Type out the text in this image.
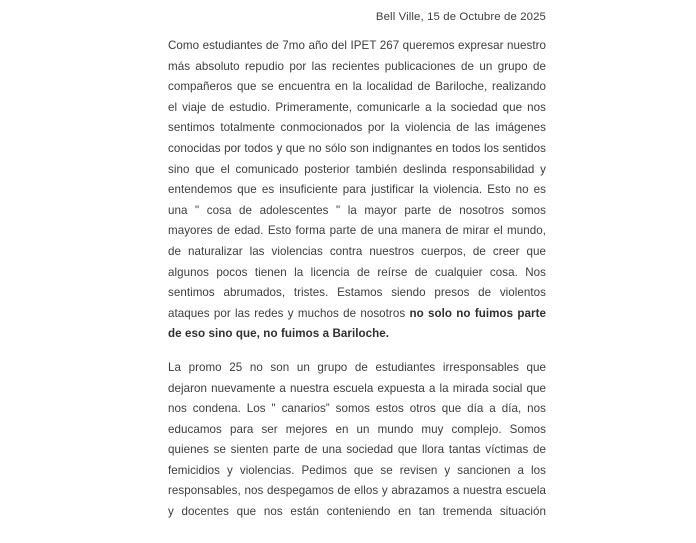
Bell Ville, 15 de Octubre de 2025

Como estudiantes de 7mo año del IPET 267 queremos expresar nuestro más absoluto repudio por las recientes publicaciones de un grupo de compañeros que se encuentra en la localidad de Bariloche, realizando el viaje de estudio. Primeramente, comunicarle a la sociedad que nos sentimos totalmente conmocionados por la violencia de las imágenes conocidas por todos y que no sólo son indignantes en todos los sentidos sino que el comunicado posterior también deslinda responsabilidad y entendemos que es insuficiente para justificar la violencia. Esto no es una " cosa de adolescentes " la mayor parte de nosotros somos mayores de edad. Esto forma parte de una manera de mirar el mundo, de naturalizar las violencias contra nuestros cuerpos, de creer que algunos pocos tienen la licencia de reírse de cualquier cosa. Nos sentimos abrumados, tristes. Estamos siendo presos de violentos ataques por las redes y muchos de nosotros no solo no fuimos parte de eso sino que, no fuimos a Bariloche.

La promo 25 no son un grupo de estudiantes irresponsables que dejaron nuevamente a nuestra escuela expuesta a la mirada social que nos condena. Los " canarios” somos estos otros que día a día, nos educamos para ser mejores en un mundo muy complejo. Somos quienes se sienten parte de una sociedad que llora tantas víctimas de femicidios y violencias. Pedimos que se revisen y sancionen a los responsables, nos despegamos de ellos y abrazamos a nuestra escuela y docentes que nos están conteniendo en tan tremenda situación
